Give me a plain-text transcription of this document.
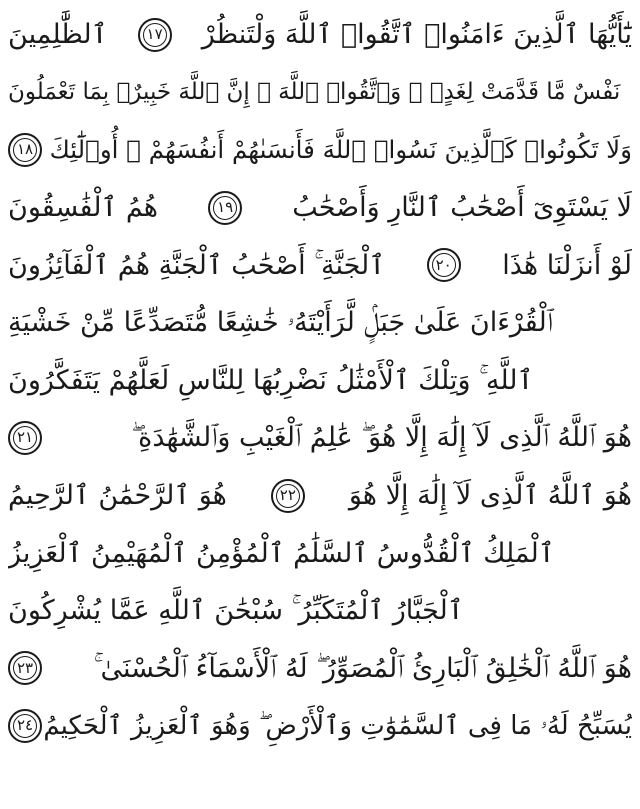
ٱلظَّٰلِمِينَ	١٧	يَٰٓأَيُّهَا ٱلَّذِينَ ءَامَنُوا۟ ٱتَّقُوا۟ ٱللَّهَ وَلْتَنظُرْ
نَفْسٌ مَّا قَدَّمَتْ لِغَدٍۢ ۖ وَٱتَّقُوا۟ ٱللَّهَ ۚ إِنَّ ٱللَّهَ خَبِيرٌۢ بِمَا تَعْمَلُونَ
١٨ وَلَا تَكُونُوا۟ كَٱلَّذِينَ نَسُوا۟ ٱللَّهَ فَأَنسَىٰهُمْ أَنفُسَهُمْ ۚ أُو۟لَٰٓئِكَ
هُمُ ٱلْفَٰسِقُونَ	١٩	لَا يَسْتَوِىٓ أَصْحَٰبُ ٱلنَّارِ وَأَصْحَٰبُ
ٱلْجَنَّةِ ۚ أَصْحَٰبُ ٱلْجَنَّةِ هُمُ ٱلْفَآئِزُونَ	٢٠	لَوْ أَنزَلْنَا هَٰذَا
ٱلْقُرْءَانَ عَلَىٰ جَبَلٍۢ لَّرَأَيْتَهُۥ خَٰشِعًا مُّتَصَدِّعًا مِّنْ خَشْيَةِ
ٱللَّهِ ۚ وَتِلْكَ ٱلْأَمْثَٰلُ نَضْرِبُهَا لِلنَّاسِ لَعَلَّهُمْ يَتَفَكَّرُونَ
٢١	هُوَ ٱللَّهُ ٱلَّذِى لَآ إِلَٰهَ إِلَّا هُوَ ۖ عَٰلِمُ ٱلْغَيْبِ وَٱلشَّهَٰدَةِ ۖ
هُوَ ٱلرَّحْمَٰنُ ٱلرَّحِيمُ	٢٢	هُوَ ٱللَّهُ ٱلَّذِى لَآ إِلَٰهَ إِلَّا هُوَ
ٱلْمَلِكُ ٱلْقُدُّوسُ ٱلسَّلَٰمُ ٱلْمُؤْمِنُ ٱلْمُهَيْمِنُ ٱلْعَزِيزُ
ٱلْجَبَّارُ ٱلْمُتَكَبِّرُ ۚ سُبْحَٰنَ ٱللَّهِ عَمَّا يُشْرِكُونَ
٢٣	هُوَ ٱللَّهُ ٱلْخَٰلِقُ ٱلْبَارِئُ ٱلْمُصَوِّرُ ۖ لَهُ ٱلْأَسْمَآءُ ٱلْحُسْنَىٰ ۚ
٢٤ يُسَبِّحُ لَهُۥ مَا فِى ٱلسَّمَٰوَٰتِ وَٱلْأَرْضِ ۖ وَهُوَ ٱلْعَزِيزُ ٱلْحَكِيمُ
